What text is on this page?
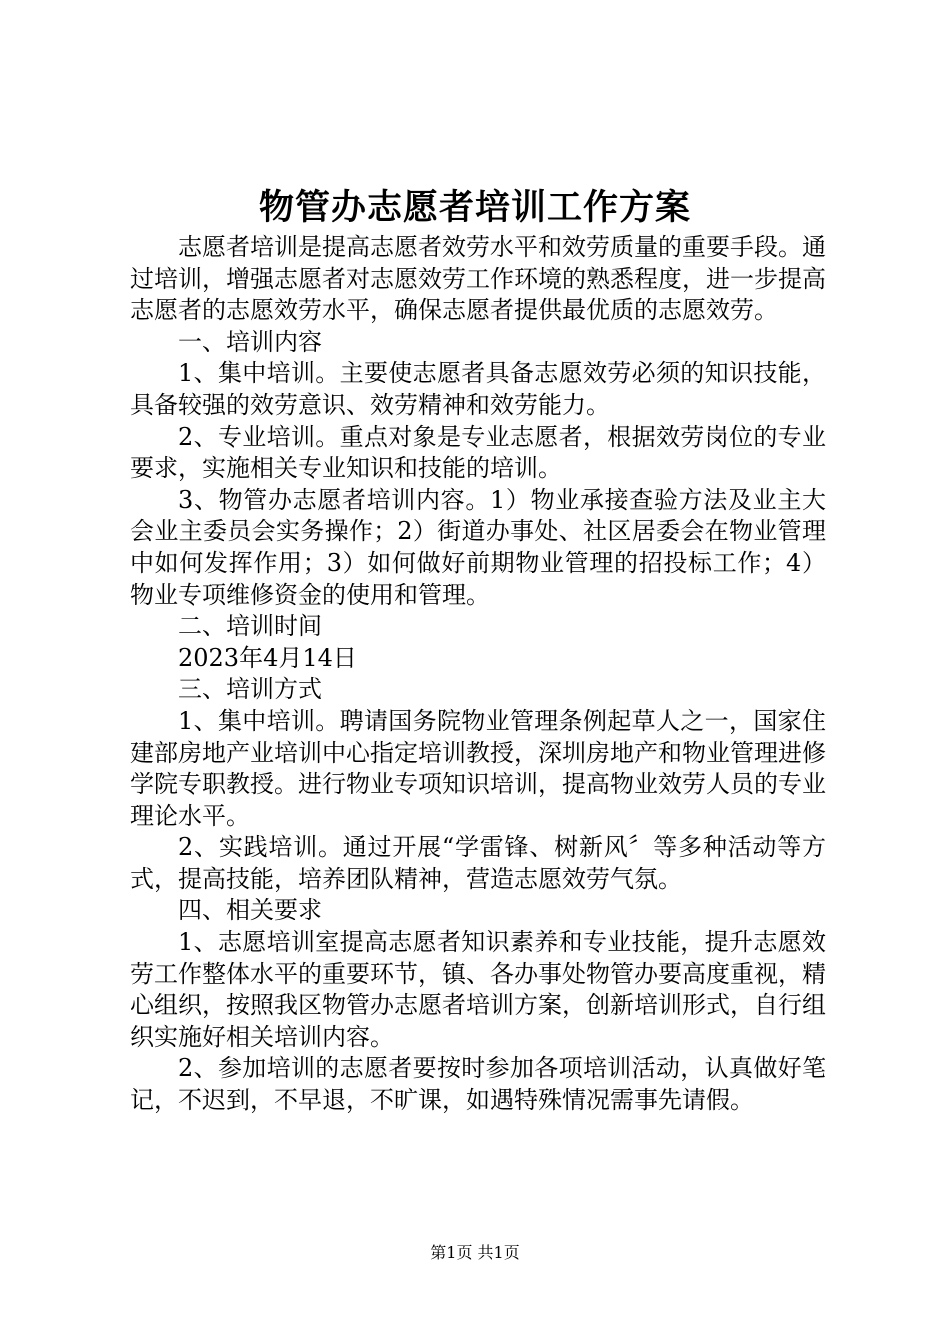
物管办志愿者培训工作方案

志愿者培训是提高志愿者效劳水平和效劳质量的重要手段。通过培训，增强志愿者对志愿效劳工作环境的熟悉程度，进一步提高志愿者的志愿效劳水平，确保志愿者提供最优质的志愿效劳。

一、培训内容

1、集中培训。主要使志愿者具备志愿效劳必须的知识技能，具备较强的效劳意识、效劳精神和效劳能力。

2、专业培训。重点对象是专业志愿者，根据效劳岗位的专业要求，实施相关专业知识和技能的培训。

3、物管办志愿者培训内容。1）物业承接查验方法及业主大会业主委员会实务操作；2）街道办事处、社区居委会在物业管理中如何发挥作用；3）如何做好前期物业管理的招投标工作；4）物业专项维修资金的使用和管理。

二、培训时间

2023年4月14日

三、培训方式

1、集中培训。聘请国务院物业管理条例起草人之一，国家住建部房地产业培训中心指定培训教授，深圳房地产和物业管理进修学院专职教授。进行物业专项知识培训，提高物业效劳人员的专业理论水平。

2、实践培训。通过开展“学雷锋、树新风〞等多种活动等方式，提高技能，培养团队精神，营造志愿效劳气氛。

四、相关要求

1、志愿培训室提高志愿者知识素养和专业技能，提升志愿效劳工作整体水平的重要环节，镇、各办事处物管办要高度重视，精心组织，按照我区物管办志愿者培训方案，创新培训形式，自行组织实施好相关培训内容。

2、参加培训的志愿者要按时参加各项培训活动，认真做好笔记，不迟到，不早退，不旷课，如遇特殊情况需事先请假。

第1页 共1页
